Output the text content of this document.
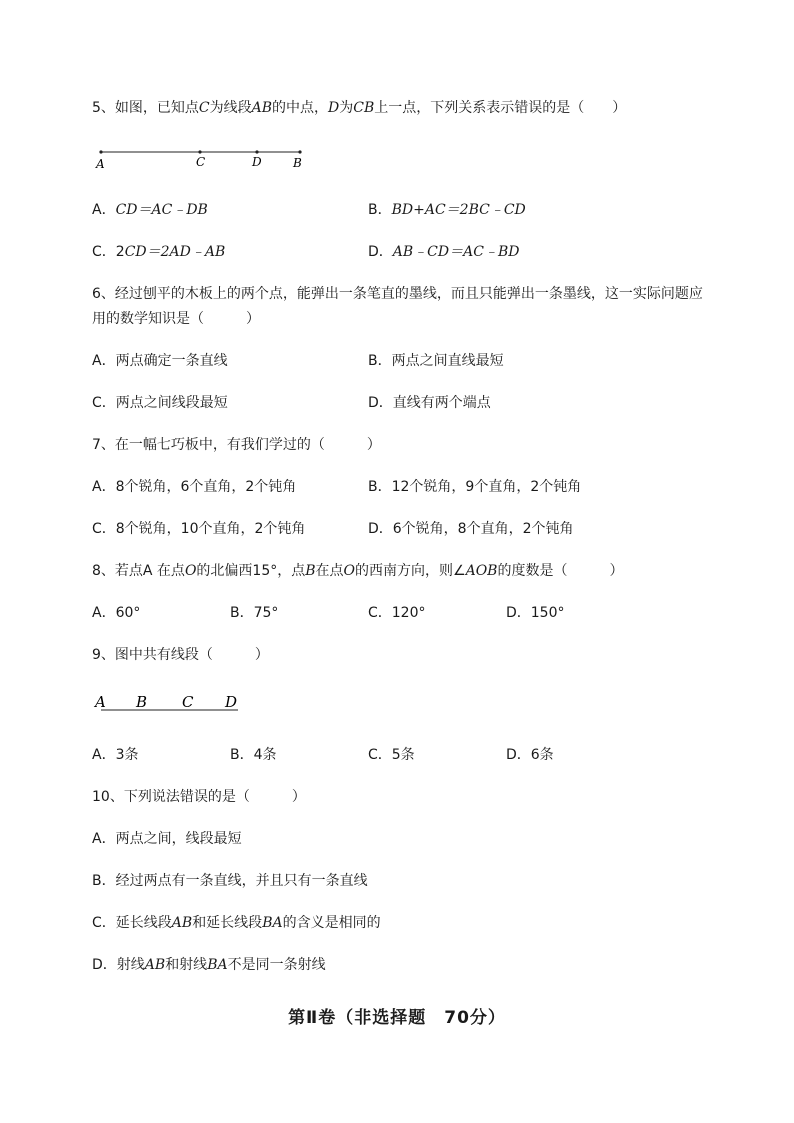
5、如图，已知点C为线段AB的中点，D为CB上一点，下列关系表示错误的是（　　）
A	C	D	B
A．CD＝AC﹣DB	B．BD+AC＝2BC﹣CD
C．2CD＝2AD﹣AB	D．AB﹣CD＝AC﹣BD
6、经过刨平的木板上的两个点，能弹出一条笔直的墨线，而且只能弹出一条墨线，这一实际问题应
用的数学知识是（　　　）
A．两点确定一条直线	B．两点之间直线最短
C．两点之间线段最短	D．直线有两个端点
7、在一幅七巧板中，有我们学过的（　　　）
A．8个锐角，6个直角，2个钝角	B．12个锐角，9个直角，2个钝角
C．8个锐角，10个直角，2个钝角	D．6个锐角，8个直角，2个钝角
8、若点A 在点O的北偏西15°，点B在点O的西南方向，则∠AOB的度数是（　　　）
A．60°	B．75°	C．120°	D．150°
9、图中共有线段（　　　）
A B C D
A．3条	B．4条	C．5条	D．6条
10、下列说法错误的是（　　　）
A．两点之间，线段最短
B．经过两点有一条直线，并且只有一条直线
C．延长线段AB和延长线段BA的含义是相同的
D．射线AB和射线BA不是同一条射线
第Ⅱ卷（非选择题　70分）
